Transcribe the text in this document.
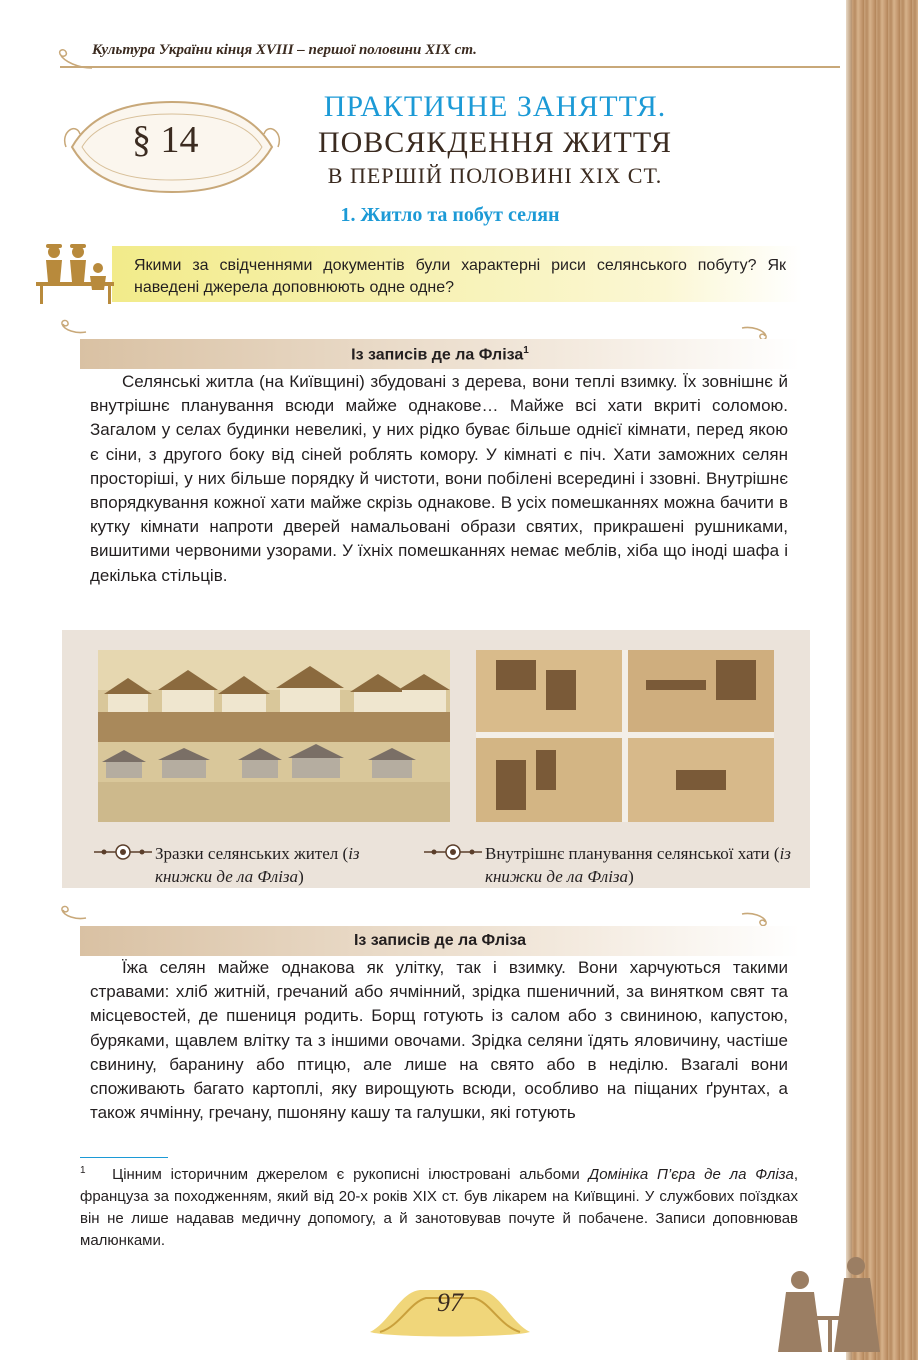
Культура України кінця XVIII – першої половини XIX ст.
§ 14
ПРАКТИЧНЕ ЗАНЯТТЯ.
ПОВСЯКДЕННЯ ЖИТТЯ
В ПЕРШІЙ ПОЛОВИНІ XIX СТ.
1. Житло та побут селян
Якими за свідченнями документів були характерні риси селянського побуту? Як наведені джерела доповнюють одне одне?
Із записів де ла Фліза$^1$
Селянські житла (на Київщині) збудовані з дерева, вони теплі взимку. Їх зовнішнє й внутрішнє планування всюди майже однакове… Майже всі хати вкриті соломою. Загалом у селах будинки невеликі, у них рідко буває більше однієї кімнати, перед якою є сіни, з другого боку від сіней роблять комору. У кімнаті є піч. Хати заможних селян просторіші, у них більше порядку й чистоти, вони побілені всередині і ззовні. Внутрішнє впорядкування кожної хати майже скрізь однакове. В усіх помешканнях можна бачити в кутку кімнати напроти дверей намальовані образи святих, прикрашені рушниками, вишитими червоними узорами. У їхніх помешканнях немає меблів, хіба що іноді шафа і декілька стільців.
Зразки селянських жител (із книжки де ла Фліза)
Внутрішнє планування селянської хати (із книжки де ла Фліза)
Із записів де ла Фліза
Їжа селян майже однакова як улітку, так і взимку. Вони харчуються такими стравами: хліб житній, гречаний або ячмінний, зрідка пшеничний, за винятком свят та місцевостей, де пшениця родить. Борщ готують із салом або з свининою, капустою, буряками, щавлем влітку та з іншими овочами. Зрідка селяни їдять яловичину, частіше свинину, баранину або птицю, але лише на свято або в неділю. Взагалі вони споживають багато картоплі, яку вирощують всюди, особливо на піщаних ґрунтах, а також ячмінну, гречану, пшоняну кашу та галушки, які готують
$^1$ Цінним історичним джерелом є рукописні ілюстровані альбоми Домініка П’єра де ла Фліза, француза за походженням, який від 20-х років XIX ст. був лікарем на Київщині. У службових поїздках він не лише надавав медичну допомогу, а й занотовував почуте й побачене. Записи доповнював малюнками.
97
